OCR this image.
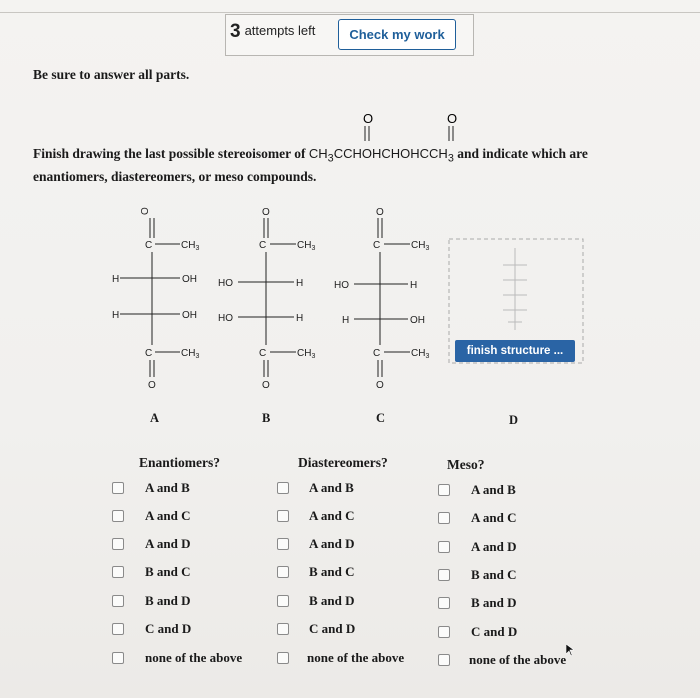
3 attempts left	Check my work
Be sure to answer all parts.
Finish drawing the last possible stereoisomer of $CH_3CCHOHCHOHCCH_3$ and indicate which are enantiomers, diastereomers, or meso compounds.
O	O
O
C	$CH_3$
H	OH
H	OH
C	$CH_3$
O
O
C	$CH_3$
HO	H
HO	H
C	$CH_3$
O
O
C	$CH_3$
HO	H
H	OH
C	$CH_3$
O
finish structure ...
A	B	C	D
Enantiomers?	Diastereomers?	Meso?
A and B
A and C
A and D
B and C
B and D
C and D
none of the above
A and B
A and C
A and D
B and C
B and D
C and D
none of the above
A and B
A and C
A and D
B and C
B and D
C and D
none of the above
